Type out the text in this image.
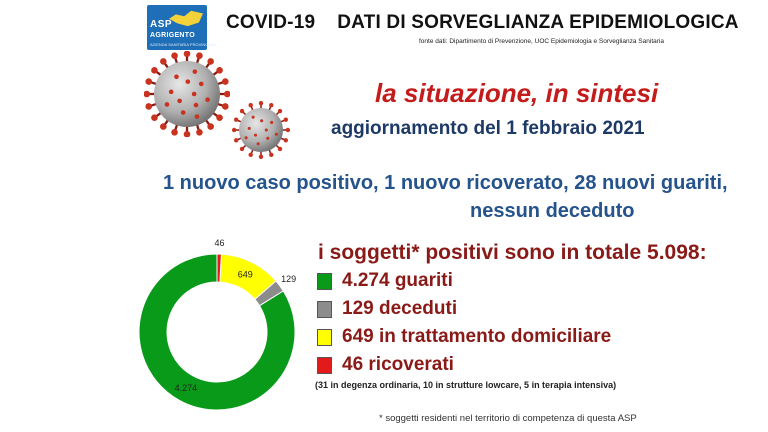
ASP
AGRIGENTO
AZIENDA SANITARIA PROVINCIALE
COVID-19 DATI DI SORVEGLIANZA EPIDEMIOLOGICA
fonte dati: Dipartimento di Prevenzione, UOC Epidemiologia e Sorveglianza Sanitaria
la situazione, in sintesi
aggiornamento del 1 febbraio 2021
1 nuovo caso positivo, 1 nuovo ricoverato, 28 nuovi guariti,
nessun deceduto
4.274
129
649
46	i soggetti* positivi sono in totale 5.098:
4.274 guariti
129 deceduti
649 in trattamento domiciliare
46 ricoverati
(31 in degenza ordinaria, 10 in strutture lowcare, 5 in terapia intensiva)
* soggetti residenti nel territorio di competenza di questa ASP
